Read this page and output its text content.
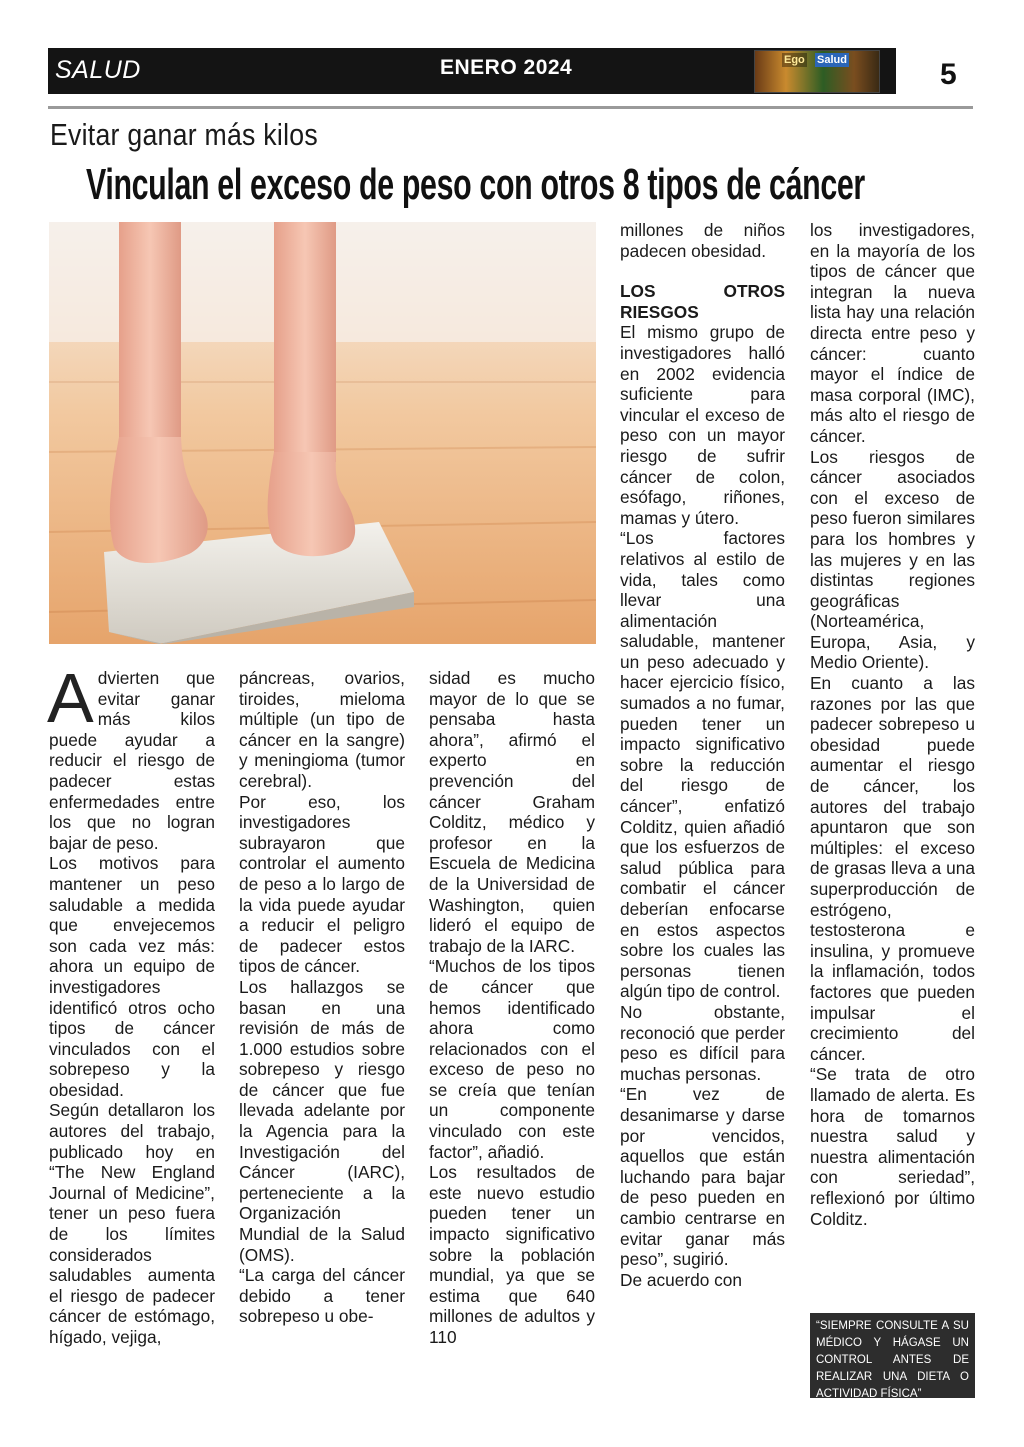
SALUD	ENERO 2024	Ego Salud	5
Evitar ganar más kilos
Vinculan el exceso de peso con otros 8 tipos de cáncer

Advierten que evitar ganar más kilos puede ayudar a reducir el riesgo de padecer estas enfermedades entre los que no logran bajar de peso.

Los motivos para mantener un peso saludable a medida que envejecemos son cada vez más: ahora un equipo de investigadores identificó otros ocho tipos de cáncer vinculados con el sobrepeso y la obesidad.

Según detallaron los autores del trabajo, publicado hoy en “The New England Journal of Medicine”, tener un peso fuera de los límites considerados saludables aumenta el riesgo de padecer cáncer de estómago, hígado, vejiga,

páncreas, ovarios, tiroides, mieloma múltiple (un tipo de cáncer en la sangre) y meningioma (tumor cerebral).

Por eso, los investigadores subrayaron que controlar el aumento de peso a lo largo de la vida puede ayudar a reducir el peligro de padecer estos tipos de cáncer.

Los hallazgos se basan en una revisión de más de 1.000 estudios sobre sobrepeso y riesgo de cáncer que fue llevada adelante por la Agencia para la Investigación del Cáncer (IARC), perteneciente a la Organización Mundial de la Salud (OMS).

“La carga del cáncer debido a tener sobrepeso u obe-

sidad es mucho mayor de lo que se pensaba hasta ahora”, afirmó el experto en prevención del cáncer Graham Colditz, médico y profesor en la Escuela de Medicina de la Universidad de Washington, quien lideró el equipo de trabajo de la IARC.

“Muchos de los tipos de cáncer que hemos identificado ahora como relacionados con el exceso de peso no se creía que tenían un componente vinculado con este factor”, añadió.

Los resultados de este nuevo estudio pueden tener un impacto significativo sobre la población mundial, ya que se estima que 640 millones de adultos y 110

millones de niños padecen obesidad.

LOS OTROS

RIESGOS

El mismo grupo de investigadores halló en 2002 evidencia suficiente para vincular el exceso de peso con un mayor riesgo de sufrir cáncer de colon, esófago, riñones, mamas y útero.

“Los factores relativos al estilo de vida, tales como llevar una alimentación saludable, mantener un peso adecuado y hacer ejercicio físico, sumados a no fumar, pueden tener un impacto significativo sobre la reducción del riesgo de cáncer”, enfatizó Colditz, quien añadió que los esfuerzos de salud pública para combatir el cáncer deberían enfocarse en estos aspectos sobre los cuales las personas tienen algún tipo de control.

No obstante, reconoció que perder peso es difícil para muchas personas.

“En vez de desanimarse y darse por vencidos, aquellos que están luchando para bajar de peso pueden en cambio centrarse en evitar ganar más peso”, sugirió.

De acuerdo con

los investigadores, en la mayoría de los tipos de cáncer que integran la nueva lista hay una relación directa entre peso y cáncer: cuanto mayor el índice de masa corporal (IMC), más alto el riesgo de cáncer.

Los riesgos de cáncer asociados con el exceso de peso fueron similares para los hombres y las mujeres y en las distintas regiones geográficas (Norteamérica, Europa, Asia, y Medio Oriente).

En cuanto a las razones por las que padecer sobrepeso u obesidad puede aumentar el riesgo de cáncer, los autores del trabajo apuntaron que son múltiples: el exceso de grasas lleva a una superproducción de estrógeno, testosterona e insulina, y promueve la inflamación, todos factores que pueden impulsar el crecimiento del cáncer.

“Se trata de otro llamado de alerta. Es hora de tomarnos nuestra salud y nuestra alimentación con seriedad”, reflexionó por último Colditz.

“SIEMPRE CONSULTE A SU MÉDICO Y HÁGASE UN CONTROL ANTES DE REALIZAR UNA DIETA O ACTIVIDAD FÍSICA”
